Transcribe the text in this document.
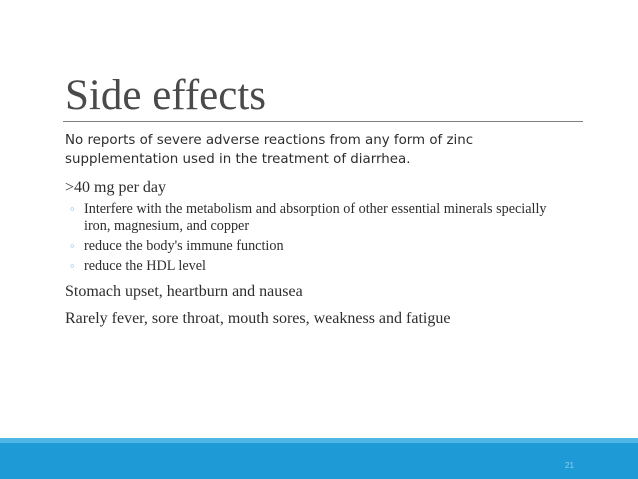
Side effects

No reports of severe adverse reactions from any form of zinc supplementation used in the treatment of diarrhea.

>40 mg per day

◦ Interfere with the metabolism and absorption of other essential minerals specially iron, magnesium, and copper
◦ reduce the body's immune function
◦ reduce the HDL level

Stomach upset, heartburn and nausea

Rarely fever, sore throat, mouth sores, weakness and fatigue

21
